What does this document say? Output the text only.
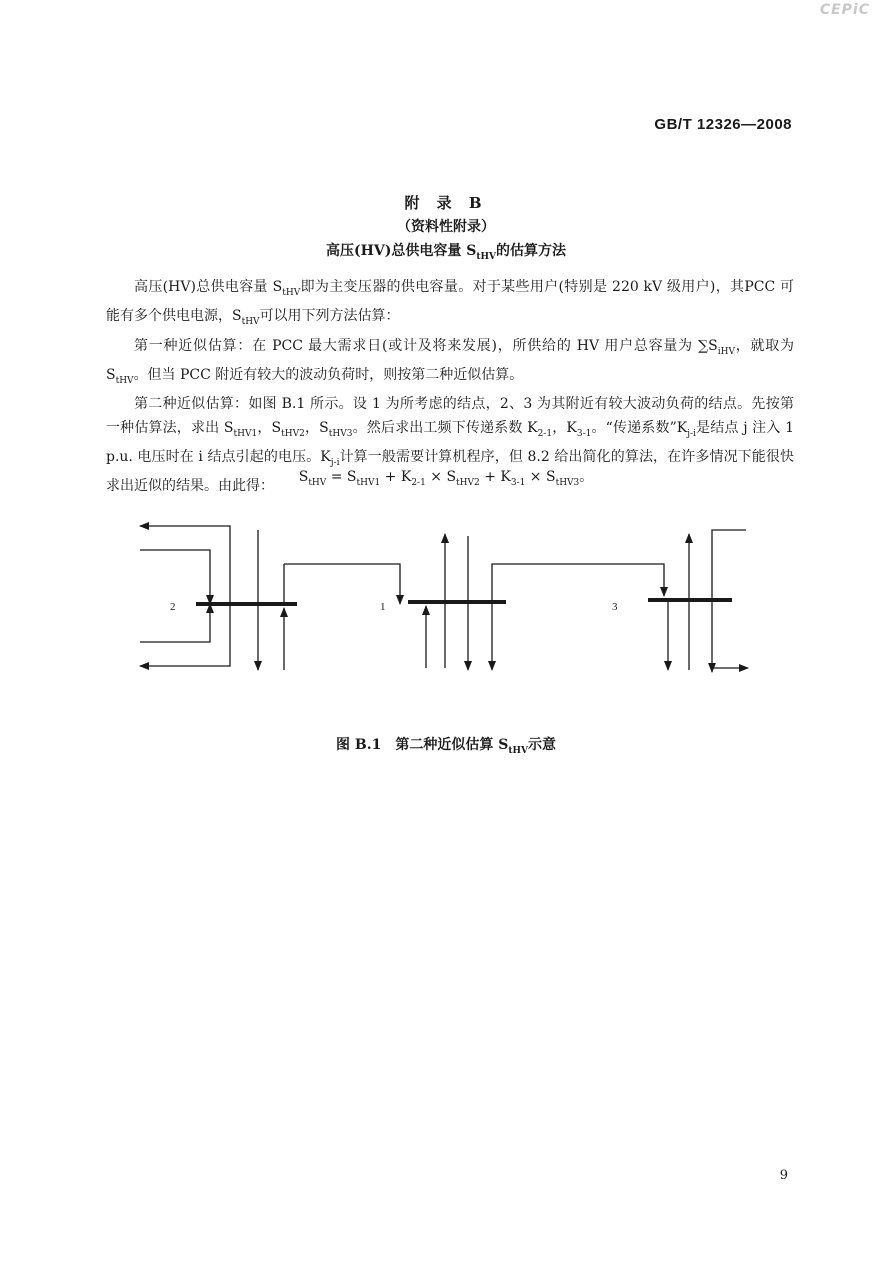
CEPiC
GB/T 12326—2008
附 录 B
（资料性附录）
高压(HV)总供电容量 $S_{tHV}$的估算方法

高压(HV)总供电容量 $S_{tHV}$即为主变压器的供电容量。对于某些用户(特别是 220 kV 级用户)，其PCC 可能有多个供电电源，$S_{tHV}$可以用下列方法估算：

第一种近似估算：在 PCC 最大需求日(或计及将来发展)，所供给的 HV 用户总容量为 $\sum S_{iHV}$，就取为 $S_{tHV}$。但当 PCC 附近有较大的波动负荷时，则按第二种近似估算。

第二种近似估算：如图 B.1 所示。设 1 为所考虑的结点，2、3 为其附近有较大波动负荷的结点。先按第一种估算法，求出 $S_{tHV1}$，$S_{tHV2}$，$S_{tHV3}$。然后求出工频下传递系数 $K_{2-1}$，$K_{3-1}$。“传递系数$”K_{j-i}$是结点 j 注入 1 p.u. 电压时在 i 结点引起的电压。$K_{j-i}$计算一般需要计算机程序，但 8.2 给出简化的算法，在许多情况下能很快求出近似的结果。由此得：

$S_{tHV} = S_{tHV1} + K_{2-1} \times S_{tHV2} + K_{3-1} \times S_{tHV3}$。
2	1	3
图 B.1　第二种近似估算 $S_{tHV}$示意
9
